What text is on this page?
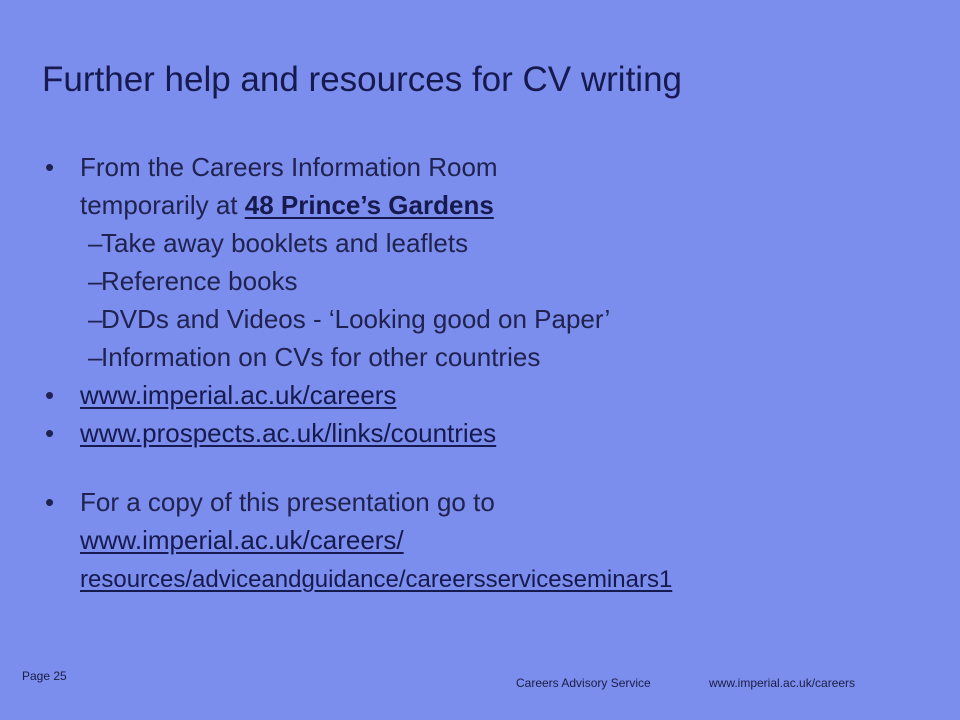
Further help and resources for CV writing
• From the Careers Information Room
temporarily at 48 Prince’s Gardens
–
Take away booklets and leaflets
–
Reference books
–
DVDs and Videos - ‘Looking good on Paper’
–
Information on CVs for other countries
• www.imperial.ac.uk/careers
• www.prospects.ac.uk/links/countries
• For a copy of this presentation go to
www.imperial.ac.uk/careers/
resources/adviceandguidance/careersserviceseminars1
Page 25	Careers Advisory Service	www.imperial.ac.uk/careers
